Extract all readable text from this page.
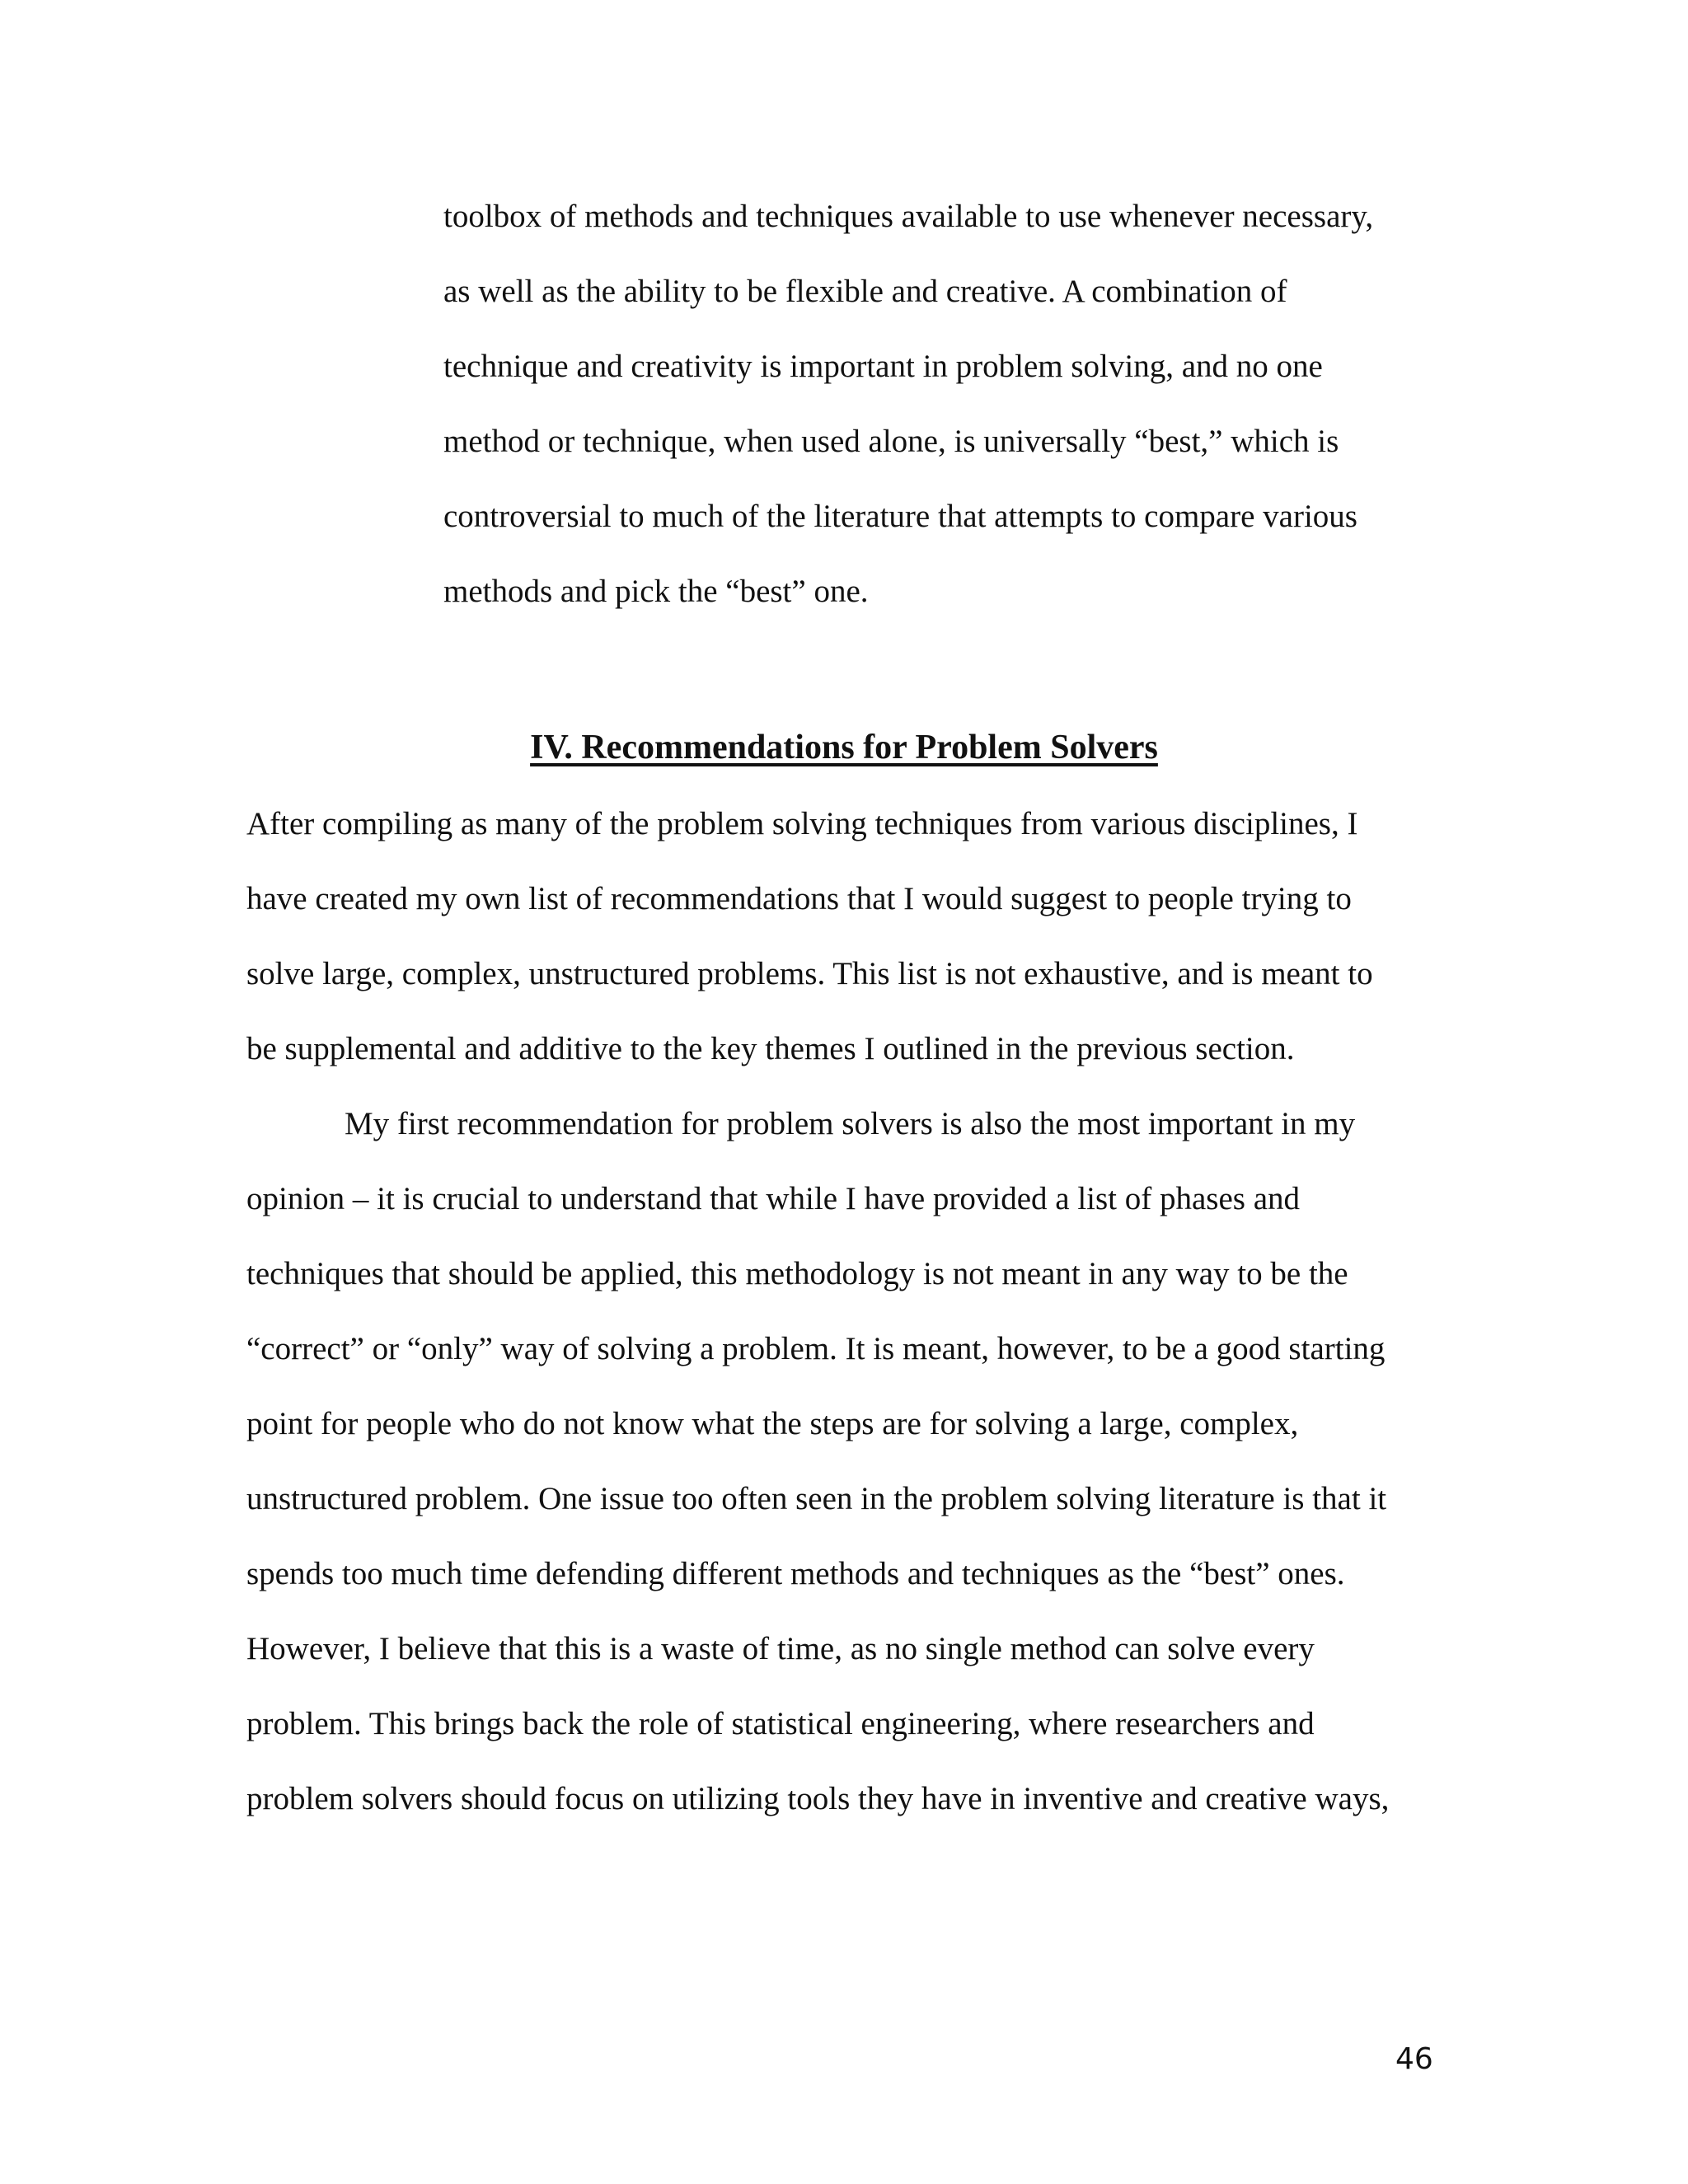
toolbox of methods and techniques available to use whenever necessary,
as well as the ability to be flexible and creative. A combination of
technique and creativity is important in problem solving, and no one
method or technique, when used alone, is universally “best,” which is
controversial to much of the literature that attempts to compare various
methods and pick the “best” one.
IV. Recommendations for Problem Solvers
After compiling as many of the problem solving techniques from various disciplines, I
have created my own list of recommendations that I would suggest to people trying to
solve large, complex, unstructured problems. This list is not exhaustive, and is meant to
be supplemental and additive to the key themes I outlined in the previous section.
My first recommendation for problem solvers is also the most important in my
opinion – it is crucial to understand that while I have provided a list of phases and
techniques that should be applied, this methodology is not meant in any way to be the
“correct” or “only” way of solving a problem. It is meant, however, to be a good starting
point for people who do not know what the steps are for solving a large, complex,
unstructured problem. One issue too often seen in the problem solving literature is that it
spends too much time defending different methods and techniques as the “best” ones.
However, I believe that this is a waste of time, as no single method can solve every
problem. This brings back the role of statistical engineering, where researchers and
problem solvers should focus on utilizing tools they have in inventive and creative ways,
46
